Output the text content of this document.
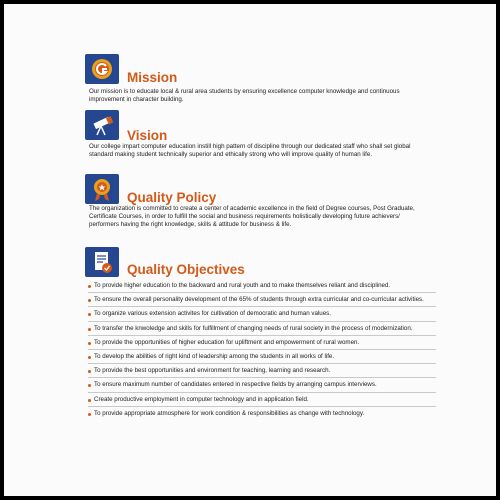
Mission
Our mission is to educate local & rural area students by ensuring excellence computer knowledge and continuous improvement in character building.
Vision
Our college impart computer education instill high pattern of discipline through our dedicated staff who shall set global standard making student technically superior and ethically strong who will improve quality of human life.
Quality Policy
The organization is committed to create a center of academic excellence in the field of Degree courses, Post Graduate, Certificate Courses, in order to fulfill the social and business requirements holistically developing future achievers/ performers having the right knowledge, skills & attitude for business & life.
Quality Objectives
To provide higher education to the backward and rural youth and to make themselves reliant and disciplined.
To ensure the overall personality development of the 65% of students through extra curricular and co-curricular activities.
To organize various extension activites for cultivation of democratic and human values.
To transfer the knwoledge and skills for fulfillment of changing needs of rural society in the process of modernization.
To provide the opportunities of higher education for upliftment and empowerment of rural women.
To develop the abilities of right kind of leadership among the students in all works of life.
To provide the best opportunities and environment for teaching, learning and research.
To ensure maximum number of candidates entered in respective fields by arranging campus interviews.
Create productive employment in computer technology and in application field.
To provide appropriate atmosphere for work condition & responsibilities as change with technology.
